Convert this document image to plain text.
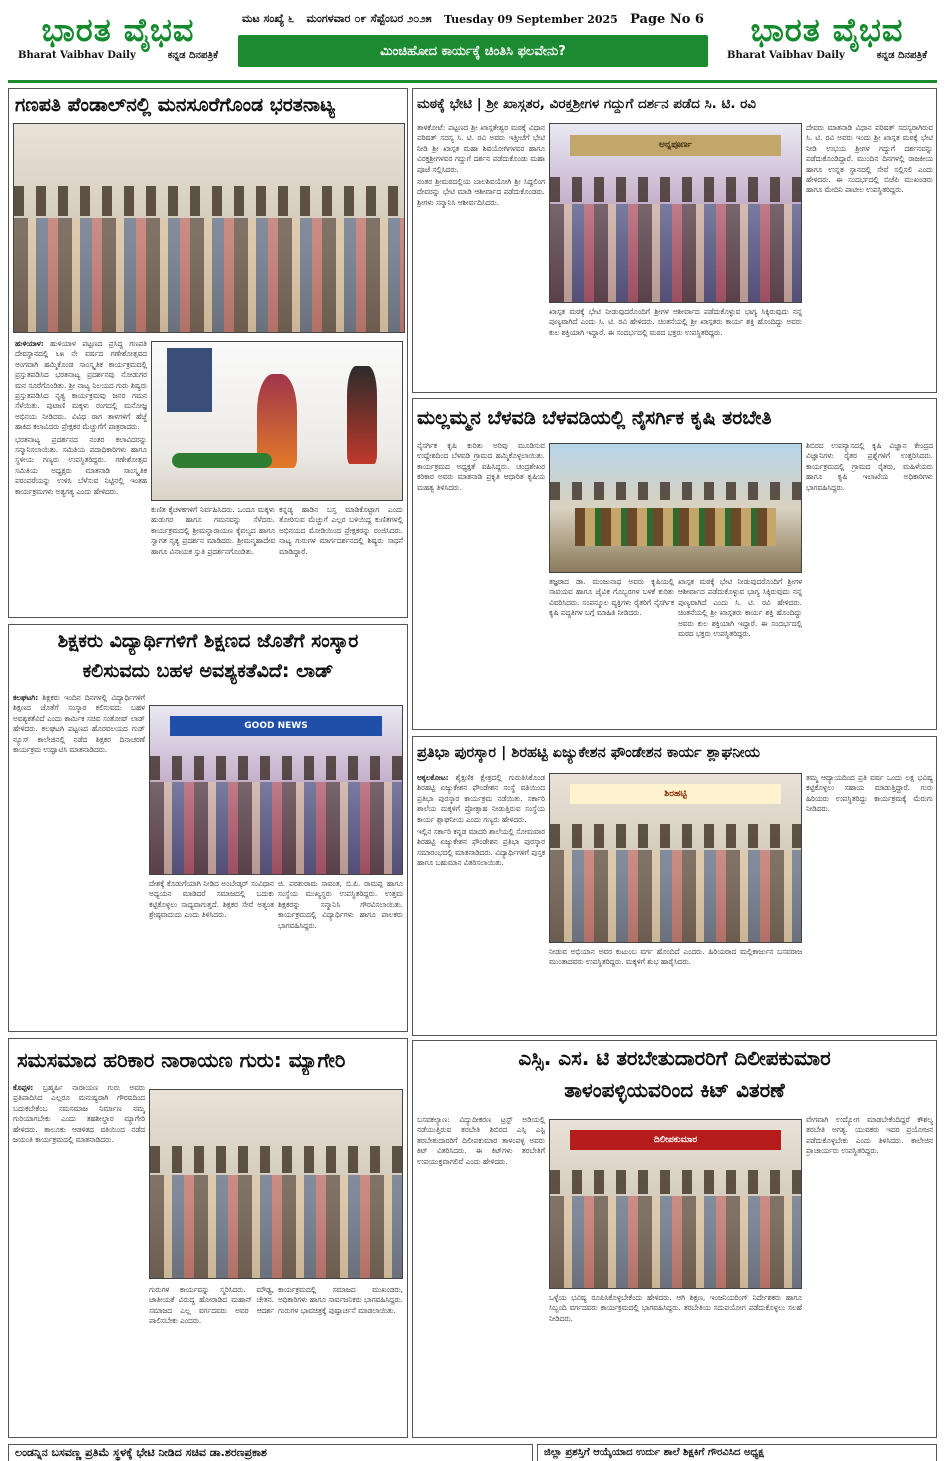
ಭಾರತ ವೈಭವ
Bharat Vaibhav Daily	ಕನ್ನಡ ದಿನಪತ್ರಿಕೆ
ಮಟ ಸಂಖ್ಯೆ ೬ ಮಂಗಳವಾರ ೦೯ ಸೆಪ್ಟೆಂಬರ ೨೦೨೫ Tuesday 09 September 2025 Page No 6
ಮಿಂಚಿಹೋದ ಕಾರ್ಯಕ್ಕೆ ಚಿಂತಿಸಿ ಫಲವೇನು?
ಭಾರತ ವೈಭವ
Bharat Vaibhav Daily	ಕನ್ನಡ ದಿನಪತ್ರಿಕೆ
ಗಣಪತಿ ಪೆಂಡಾಲ್‌ನಲ್ಲಿ ಮನಸೂರೆಗೊಂಡ ಭರತನಾಟ್ಯ

ಹುಳಿಯಾಳ: ಹುಳಿಯಾಳ ಪಟ್ಟಣದ ಪ್ರಸಿದ್ಧ ಗಣಪತಿ ದೇವಸ್ಥಾನದಲ್ಲಿ ೬೫ ನೇ ವರ್ಷದ ಗಣೇಶೋತ್ಸವದ ಅಂಗವಾಗಿ ಹಮ್ಮಿಕೊಂಡ ಸಾಂಸ್ಕೃತಿಕ ಕಾರ್ಯಕ್ರಮದಲ್ಲಿ ಪ್ರಸ್ತುತಪಡಿಸಿದ ಭರತನಾಟ್ಯ ಪ್ರದರ್ಶನವು ನೋಡುಗರ ಮನ ಸೂರೆಗೊಂಡಿತು. ಶ್ರೀ ನಾಟ್ಯ ನಿಲಯದ ಗುರು ಶಿಷ್ಯರು ಪ್ರಸ್ತುತಪಡಿಸಿದ ನೃತ್ಯ ಕಾರ್ಯಕ್ರಮವು ಜನರ ಗಮನ ಸೆಳೆಯಿತು. ಪುಟಾಣಿ ಮಕ್ಕಳು ರಂಗದಲ್ಲಿ ಮನೋಜ್ಞ ಅಭಿನಯ ನೀಡಿದರು. ವಿವಿಧ ರಾಗ ತಾಳಗಳಿಗೆ ಹೆಜ್ಜೆ ಹಾಕಿದ ಕಲಾವಿದರು ಪ್ರೇಕ್ಷಕರ ಮೆಚ್ಚುಗೆಗೆ ಪಾತ್ರರಾದರು.

ಭರತನಾಟ್ಯ ಪ್ರದರ್ಶನದ ನಂತರ ಕಲಾವಿದರನ್ನು ಸನ್ಮಾನಿಸಲಾಯಿತು. ಸಮಿತಿಯ ಪದಾಧಿಕಾರಿಗಳು ಹಾಗೂ ಸ್ಥಳೀಯ ಗಣ್ಯರು ಉಪಸ್ಥಿತರಿದ್ದರು. ಗಣೇಶೋತ್ಸವ ಸಮಿತಿಯ ಅಧ್ಯಕ್ಷರು ಮಾತನಾಡಿ ಸಾಂಸ್ಕೃತಿಕ ಪರಂಪರೆಯನ್ನು ಉಳಿಸಿ ಬೆಳೆಸುವ ನಿಟ್ಟಿನಲ್ಲಿ ಇಂತಹ ಕಾರ್ಯಕ್ರಮಗಳು ಅತ್ಯಗತ್ಯ ಎಂದು ಹೇಳಿದರು.

ಕುಣಿತ ಕೈಚಳಕಗಳಿಗೆ ನಿರ್ವಹಿಸಿದರು. ಒಂದೂ ಮಕ್ಕಳು ಹುಡುಗರ ಹಾಗೂ ಗಮನವನ್ನು ಸೆಳೆದರು. ಕಾರ್ಯಕ್ರಮದಲ್ಲಿ ಶ್ರೀಮನ್ನಾರಾಯಣ ಕೈವಲ್ಯದ ಹಾಗೂ ಸ್ವಾಗತ ನೃತ್ಯ ಪ್ರದರ್ಶನ ಮಾಡಿದರು. ಶ್ರೀಮನ್ಮಹಾದೇವ ಹಾಗೂ ವಿನಾಯಕ ಸ್ತುತಿ ಪ್ರದರ್ಶನಗೊಂಡಿತು.

ಕನ್ನಡ್ಯ ಹಾಡಿನ ಬಸ್ತ ಮಾಡಿಕೊಟ್ಟಾಗ ಎಂದು ತೋರಿಸುವ ಮೆಚ್ಚುಗೆ ಎಲ್ಲರ ಬಳಿಯಿದ್ದ ಕುಣಿತಗಳಲ್ಲಿ ಅಭಿನಯದ ಮೋಡಿಯಿಂದ ಪ್ರೇಕ್ಷಕರನ್ನು ರಂಜಿಸಿದರು. ನಾಟ್ಯ ಗುರುಗಳ ಮಾರ್ಗದರ್ಶನದಲ್ಲಿ ಶಿಷ್ಯರು ಸಾಧನೆ ಮಾಡಿದ್ದಾರೆ.

ಮಠಕ್ಕೆ ಭೇಟಿ | ಶ್ರೀ ಖಾಸ್ಗತರ, ವಿರಕ್ತಶ್ರೀಗಳ ಗದ್ದುಗೆ ದರ್ಶನ ಪಡೆದ ಸಿ. ಟಿ. ರವಿ

ತಾಳಿಕೋಟೆ: ಪಟ್ಟಣದ ಶ್ರೀ ಖಾಸ್ಗತೇಶ್ವರ ಮಠಕ್ಕೆ ವಿಧಾನ ಪರಿಷತ್ ಸದಸ್ಯ ಸಿ. ಟಿ. ರವಿ ಅವರು ಇತ್ತೀಚೆಗೆ ಭೇಟಿ ನೀಡಿ ಶ್ರೀ ಖಾಸ್ಗತ ಮಹಾ ಶಿವಯೋಗಿಗಳವರ ಹಾಗೂ ವಿರಕ್ತಶ್ರೀಗಳವರ ಗದ್ದುಗೆ ದರ್ಶನ ಪಡೆದುಕೊಂಡು ಮಹಾ ಪೂಜೆ ಸಲ್ಲಿಸಿದರು.

ನಂತರ ಶ್ರೀಮಠದಲ್ಲಿಯ ಬಾಲಶಿವಯೋಗಿ ಶ್ರೀ ಸಿದ್ದಲಿಂಗ ದೇವರನ್ನು ಭೇಟಿ ಮಾಡಿ ಆಶೀರ್ವಾದ ಪಡೆದುಕೊಂಡರು. ಶ್ರೀಗಳು ಸನ್ಮಾನಿಸಿ ಆಶೀರ್ವದಿಸಿದರು.

ಅನ್ನಪೂರ್ಣ

ಖಾಸ್ಗತ ಮಠಕ್ಕೆ ಭೇಟಿ ನೀಡುವುದರೊಂದಿಗೆ ಶ್ರೀಗಳ ಆಶೀರ್ವಾದ ಪಡೆದುಕೊಳ್ಳುವ ಭಾಗ್ಯ ಸಿಕ್ಕಿರುವುದು ನನ್ನ ಪುಣ್ಯವಾಗಿದೆ ಎಂದು ಸಿ. ಟಿ. ರವಿ ಹೇಳಿದರು. ಚಿಂತನೆಯಲ್ಲಿ ಶ್ರೀ ಖಾಸ್ಗತರು ಕಾರ್ಯ ಶಕ್ತಿ ಹೊಂದಿದ್ದು ಅವರು ಕುಲ ಶಕ್ತಿಯಾಗಿ ಇದ್ದಾರೆ. ಈ ಸಂದರ್ಭದಲ್ಲಿ ಮಠದ ಭಕ್ತರು ಉಪಸ್ಥಿತರಿದ್ದರು.

ದೇವರು ಮಾತನಾಡಿ ವಿಧಾನ ಪರಿಷತ್ ಸದಸ್ಯರಾಗಿರುವ ಸಿ. ಟಿ. ರವಿ ಅವರು ಇಂದು ಶ್ರೀ ಖಾಸ್ಗತ ಮಠಕ್ಕೆ ಭೇಟಿ ನೀಡಿ ಉಭಯ ಶ್ರೀಗಳ ಗದ್ದುಗೆ ದರ್ಶನವನ್ನು ಪಡೆದುಕೊಂಡಿದ್ದಾರೆ. ಮುಂದಿನ ದಿನಗಳಲ್ಲಿ ರಾಜಕೀಯ ಹಾಗೂ ಉನ್ನತ ಸ್ಥಾನದಲ್ಲಿ ಸೇವೆ ಸಲ್ಲಿಸಲಿ ಎಂದು ಹೇಳಿದರು. ಈ ಸಂದರ್ಭದಲ್ಲಿ ಬಿಜೆಪಿ ಮುಖಂಡರು ಹಾಗೂ ಮೇದಿನಿ ಪಾಟೀಲ ಉಪಸ್ಥಿತರಿದ್ದರು.

ಮಲ್ಲಮ್ಮನ ಬೆಳವಡಿ ಬೆಳವಡಿಯಲ್ಲಿ ನೈಸರ್ಗಿಕ ಕೃಷಿ ತರಬೇತಿ

ನೈಸರ್ಗಿಕ ಕೃಷಿ ಕುರಿತು ಅರಿವು ಮೂಡಿಸುವ ಉದ್ದೇಶದಿಂದ ಬೆಳವಡಿ ಗ್ರಾಮದ ಹಮ್ಮಿಕೊಳ್ಳಲಾಯಿತು. ಕಾರ್ಯಕ್ರಮದ ಅಧ್ಯಕ್ಷತೆ ವಹಿಸಿದ್ದರು. ಚಂದ್ರಶೇಖರ ಕರಿಕಾರ ಅವರು ಮಾತನಾಡಿ ಪ್ರಕೃತಿ ಆಧಾರಿತ ಕೃಷಿಯ ಮಹತ್ವ ತಿಳಿಸಿದರು.

ತಜ್ಞರಾದ ಡಾ. ಮಂಜುನಾಥ ಅವರು ಕೃಷಿಯಲ್ಲಿ ಸಾವಯವ ಹಾಗೂ ಜೈವಿಕ ಗೊಬ್ಬರಗಳ ಬಳಕೆ ಕುರಿತು ವಿವರಿಸಿದರು. ಸಂಪನ್ಮೂಲ ವ್ಯಕ್ತಿಗಳು ರೈತರಿಗೆ ನೈಸರ್ಗಿಕ ಕೃಷಿ ಪದ್ಧತಿಗಳ ಬಗ್ಗೆ ಮಾಹಿತಿ ನೀಡಿದರು.

ಖಾಸ್ಗತ ಮಠಕ್ಕೆ ಭೇಟಿ ನೀಡುವುದರೊಂದಿಗೆ ಶ್ರೀಗಳ ಆಶೀರ್ವಾದ ಪಡೆದುಕೊಳ್ಳುವ ಭಾಗ್ಯ ಸಿಕ್ಕಿರುವುದು ನನ್ನ ಪುಣ್ಯವಾಗಿದೆ ಎಂದು ಸಿ. ಟಿ. ರವಿ ಹೇಳಿದರು. ಚಿಂತನೆಯಲ್ಲಿ ಶ್ರೀ ಖಾಸ್ಗತರು ಕಾರ್ಯ ಶಕ್ತಿ ಹೊಂದಿದ್ದು ಅವರು ಕುಲ ಶಕ್ತಿಯಾಗಿ ಇದ್ದಾರೆ. ಈ ಸಂದರ್ಭದಲ್ಲಿ ಮಠದ ಭಕ್ತರು ಉಪಸ್ಥಿತರಿದ್ದರು.

ಶಿಬಿರದ ಉಪನ್ಯಾಸದಲ್ಲಿ ಕೃಷಿ ವಿಜ್ಞಾನ ಕೇಂದ್ರದ ವಿಜ್ಞಾನಿಗಳು ರೈತರ ಪ್ರಶ್ನೆಗಳಿಗೆ ಉತ್ತರಿಸಿದರು. ಕಾರ್ಯಕ್ರಮದಲ್ಲಿ ಗ್ರಾಮದ ರೈತರು, ಮಹಿಳೆಯರು ಹಾಗೂ ಕೃಷಿ ಇಲಾಖೆಯ ಅಧಿಕಾರಿಗಳು ಭಾಗವಹಿಸಿದ್ದರು.

ಶಿಕ್ಷಕರು ವಿದ್ಯಾರ್ಥಿಗಳಿಗೆ ಶಿಕ್ಷಣದ ಜೊತೆಗೆ ಸಂಸ್ಕಾರ
ಕಲಿಸುವದು ಬಹಳ ಅವಶ್ಯಕತೆವಿದೆ: ಲಾಡ್

ಕಲಘಟಗಿ: ಶಿಕ್ಷಕರು ಇಂದಿನ ದಿನಗಳಲ್ಲಿ ವಿದ್ಯಾರ್ಥಿಗಳಿಗೆ ಶಿಕ್ಷಣದ ಜೊತೆಗೆ ಸಂಸ್ಕಾರ ಕಲಿಸುವದು ಬಹಳ ಅವಶ್ಯಕತೆವಿದೆ ಎಂದು ಕಾರ್ಮಿಕ ಸಚಿವ ಸಂತೋಷ್ ಲಾಡ್ ಹೇಳಿದರು. ಕಲಘಟಗಿ ಪಟ್ಟಣದ ಹೊರವಲಯದ ಗುಡ್ ನ್ಯೂಸ್ ಕಾಲೇಜಿನಲ್ಲಿ ನಡೆದ ಶಿಕ್ಷಕರ ದಿನಾಚರಣೆ ಕಾರ್ಯಕ್ರಮ ಉದ್ಘಾಟಿಸಿ ಮಾತನಾಡಿದರು.

GOOD NEWS

ದೇಶಕ್ಕೆ ಕೊಡುಗೆಯಾಗಿ ನೀಡಿದ ಅಂಬೇಡ್ಕರ್ ಸಂವಿಧಾನ ಅಧ್ಯಯನ ಮಾಡಿದರೆ ಸಮಾಜದಲ್ಲಿ ಬದುಕು ಕಟ್ಟಿಕೊಳ್ಳಲು ಸಾಧ್ಯವಾಗುತ್ತದೆ. ಶಿಕ್ಷಕರ ಸೇವೆ ಅತ್ಯಂತ ಶ್ರೇಷ್ಠವಾದುದು ಎಂದು ತಿಳಿಸಿದರು.

ಜಿ. ಪರಶುರಾಮ ಸಾವಂತ, ಬಿ.ಪಿ. ರಾಮಪ್ಪ ಹಾಗೂ ಸಂಸ್ಥೆಯ ಮುಖ್ಯಸ್ಥರು ಉಪಸ್ಥಿತರಿದ್ದರು. ಉತ್ತಮ ಶಿಕ್ಷಕರನ್ನು ಸನ್ಮಾನಿಸಿ ಗೌರವಿಸಲಾಯಿತು. ಕಾರ್ಯಕ್ರಮದಲ್ಲಿ ವಿದ್ಯಾರ್ಥಿಗಳು ಹಾಗೂ ಪಾಲಕರು ಭಾಗವಹಿಸಿದ್ದರು.

ಪ್ರತಿಭಾ ಪುರಸ್ಕಾರ | ಶಿರಹಟ್ಟಿ ಏಜ್ಯುಕೇಶನ ಫೌಂಡೇಶನ ಕಾರ್ಯ ಶ್ಲಾಘನೀಯ

ಅಕ್ಕಲಕೋಟ: ಶೈಕ್ಷಣಿಕ ಕ್ಷೇತ್ರದಲ್ಲಿ ಗುರುತಿಸಿಕೊಂಡ ಶಿರಹಟ್ಟಿ ಏಜ್ಯುಕೇಶನ ಫೌಂಡೇಶನ ಸಂಸ್ಥೆ ವತಿಯಿಂದ ಪ್ರತಿಭಾ ಪುರಸ್ಕಾರ ಕಾರ್ಯಕ್ರಮ ನಡೆಯಿತು. ಸರ್ಕಾರಿ ಶಾಲೆಯ ಮಕ್ಕಳಿಗೆ ಪ್ರೋತ್ಸಾಹ ನೀಡುತ್ತಿರುವ ಸಂಸ್ಥೆಯ ಕಾರ್ಯ ಶ್ಲಾಘನೀಯ ಎಂದು ಗಣ್ಯರು ಹೇಳಿದರು.

ಇಲ್ಲಿನ ಸರ್ಕಾರಿ ಕನ್ನಡ ಮಾದರಿ ಶಾಲೆಯಲ್ಲಿ ಸೋಮವಾರ ಶಿರಹಟ್ಟಿ ಏಜ್ಯುಕೇಶನ ಫೌಂಡೇಶನ ಪ್ರತಿಭಾ ಪುರಸ್ಕಾರ ಸಮಾರಂಭದಲ್ಲಿ ಮಾತನಾಡಿದರು. ವಿದ್ಯಾರ್ಥಿಗಳಿಗೆ ಪುಸ್ತಕ ಹಾಗೂ ಬಹುಮಾನ ವಿತರಿಸಲಾಯಿತು.

ಶಿರಹಟ್ಟಿ

ನೀಡುವ ಅಭಿಯಾನ ಅವರ ಕುಟುಂಬ ವರ್ಗ ಹೊಂದಿದೆ ಎಂದರು. ಹಿರಿಯರಾದ ಮಲ್ಲಿಕಾರ್ಜುನ ಬಸವರಾಜ ಮುಂತಾದವರು ಉಪಸ್ಥಿತರಿದ್ದರು. ಮಕ್ಕಳಿಗೆ ಶುಭ ಹಾರೈಸಿದರು.

ತಮ್ಮ ಆದ್ಯಾಯದಿಂದ ಪ್ರತಿ ವರ್ಷ ಒಂದು ಲಕ್ಷ ಭವಿಷ್ಯ ಕಟ್ಟಿಕೊಳ್ಳಲು ಸಹಾಯ ಮಾಡುತ್ತಿದ್ದಾರೆ. ಗುರು ಹಿರಿಯರು ಉಪಸ್ಥಿತರಿದ್ದು ಕಾರ್ಯಕ್ರಮಕ್ಕೆ ಮೆರುಗು ನೀಡಿದರು.

ಸಮಸಮಾದ ಹರಿಕಾರ ನಾರಾಯಣ ಗುರು: ಮ್ಯಾಗೇರಿ

ಕೊಪ್ಪಳ: ಬ್ರಹ್ಮರ್ಷಿ ನಾರಾಯಣ ಗುರು ಅವರು ಪ್ರತಿಪಾದಿಸಿದ ಎಲ್ಲರೂ ಮನುಷ್ಯರಾಗಿ ಗೌರವದಿಂದ ಬದುಕಬೇಕೆಂಬ ಸಮಸಮಾಜ ನಿರ್ಮಾಣ ನಮ್ಮ ಗುರಿಯಾಗಬೇಕು ಎಂದು ತಹಶೀಲ್ದಾರ ಮ್ಯಾಗೇರಿ ಹೇಳಿದರು. ತಾಲೂಕು ಆಡಳಿತದ ವತಿಯಿಂದ ನಡೆದ ಜಯಂತಿ ಕಾರ್ಯಕ್ರಮದಲ್ಲಿ ಮಾತನಾಡಿದರು.

ಗುರುಗಳ ಕಾರ್ಯವನ್ನು ಸ್ಮರಿಸಿದರು. ಮೌಢ್ಯ, ಜಾತೀಯತೆ ವಿರುದ್ಧ ಹೋರಾಡಿದ ಮಹಾನ್ ಚೇತನ. ಸಮಾಜದ ಎಲ್ಲ ವರ್ಗದವರು ಅವರ ಆದರ್ಶ ಪಾಲಿಸಬೇಕು ಎಂದರು.

ಕಾರ್ಯಕ್ರಮದಲ್ಲಿ ಸಮಾಜದ ಮುಖಂಡರು, ಅಧಿಕಾರಿಗಳು ಹಾಗೂ ಸಾರ್ವಜನಿಕರು ಭಾಗವಹಿಸಿದ್ದರು. ಗುರುಗಳ ಭಾವಚಿತ್ರಕ್ಕೆ ಪುಷ್ಪಾರ್ಚನೆ ಮಾಡಲಾಯಿತು.

ಎಸ್ಸಿ. ಎಸ. ಟಿ ತರಬೇತುದಾರರಿಗೆ ದಿಲೀಪಕುಮಾರ
ತಾಳಂಪಳ್ಳಿಯವರಿಂದ ಕಿಟ್ ವಿತರಣೆ

ಬಸವಕಲ್ಯಾಣ: ವಿದ್ಯುದೀಕರಣ ಟ್ರಸ್ಟ್ ಅಡಿಯಲ್ಲಿ ನಡೆಯುತ್ತಿರುವ ತರಬೇತಿ ಶಿಬಿರದ ಎಸ್ಸಿ ಎಸ್ಟಿ ತರಬೇತುದಾರರಿಗೆ ದಿಲೀಪಕುಮಾರ ತಾಳಂಪಳ್ಳಿ ಅವರು ಕಿಟ್ ವಿತರಿಸಿದರು. ಈ ಕಿಟ್‌ಗಳು ತರಬೇತಿಗೆ ಉಪಯುಕ್ತವಾಗಲಿವೆ ಎಂದು ಹೇಳಿದರು.

ದಿಲೀಪಕುಮಾರ

ಒಳ್ಳೆಯ ಭವಿಷ್ಯ ರೂಪಿಸಿಕೊಳ್ಳಬೇಕೆಂದು ಹೇಳಿದರು. ಆಗಿ ಶಿಕ್ಷಣ, ಇಂಜನಿಯರಿಂಗ್ ನಿರ್ದೇಶಕರು ಹಾಗೂ ಸಿಬ್ಬಂದಿ ವರ್ಗದವರು ಕಾರ್ಯಕ್ರಮದಲ್ಲಿ ಭಾಗವಹಿಸಿದ್ದರು. ತರಬೇತಿಯ ಸದುಪಯೋಗ ಪಡೆದುಕೊಳ್ಳಲು ಸಲಹೆ ನೀಡಿದರು.

ವೇಗವಾಗಿ ಉದ್ಯೋಗ ಮಾಡಬೇಕೆಂದಿದ್ದರೆ ಕೌಶಲ್ಯ ತರಬೇತಿ ಅಗತ್ಯ. ಯುವಕರು ಇದರ ಪ್ರಯೋಜನ ಪಡೆದುಕೊಳ್ಳಬೇಕು ಎಂದು ತಿಳಿಸಿದರು. ಕಾಲೇಜಿನ ಪ್ರಾಚಾರ್ಯರು ಉಪಸ್ಥಿತರಿದ್ದರು.

ಲಂಡನ್ನಿನ ಬಸವಣ್ಣ ಪ್ರತಿಮೆ ಸ್ಥಳಕ್ಕೆ ಭೇಟಿ ನೀಡಿದ ಸಚಿವ ಡಾ.ಶರಣಪ್ರಕಾಶ	ಜಿಲ್ಲಾ ಪ್ರಶಸ್ತಿಗೆ ಆಯ್ಕೆಯಾದ ಉರ್ದು ಶಾಲೆ ಶಿಕ್ಷಕಿಗೆ ಗೌರವಿಸಿದ ಅಧ್ಯಕ್ಷ
